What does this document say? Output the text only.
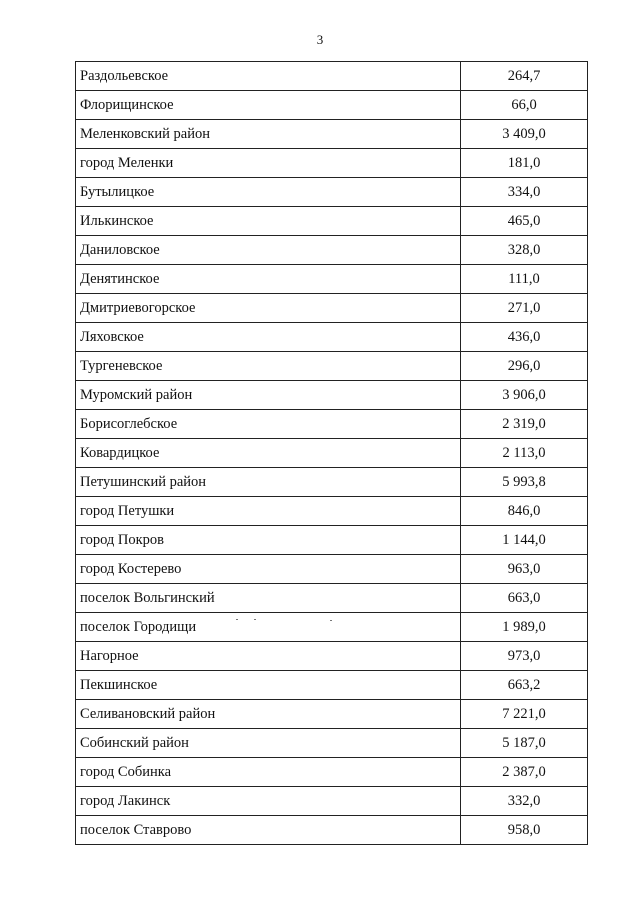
3
Раздольевское	264,7
Флорищинское	66,0
Меленковский район	3 409,0
город Меленки	181,0
Бутылицкое	334,0
Илькинское	465,0
Даниловское	328,0
Денятинское	111,0
Дмитриевогорское	271,0
Ляховское	436,0
Тургеневское	296,0
Муромский район	3 906,0
Борисоглебское	2 319,0
Ковардицкое	2 113,0
Петушинский район	5 993,8
город Петушки	846,0
город Покров	1 144,0
город Костерево	963,0
поселок Вольгинский	663,0
поселок Городищи	1 989,0
Нагорное	973,0
Пекшинское	663,2
Селивановский район	7 221,0
Собинский район	5 187,0
город Собинка	2 387,0
город Лакинск	332,0
поселок Ставрово	958,0
